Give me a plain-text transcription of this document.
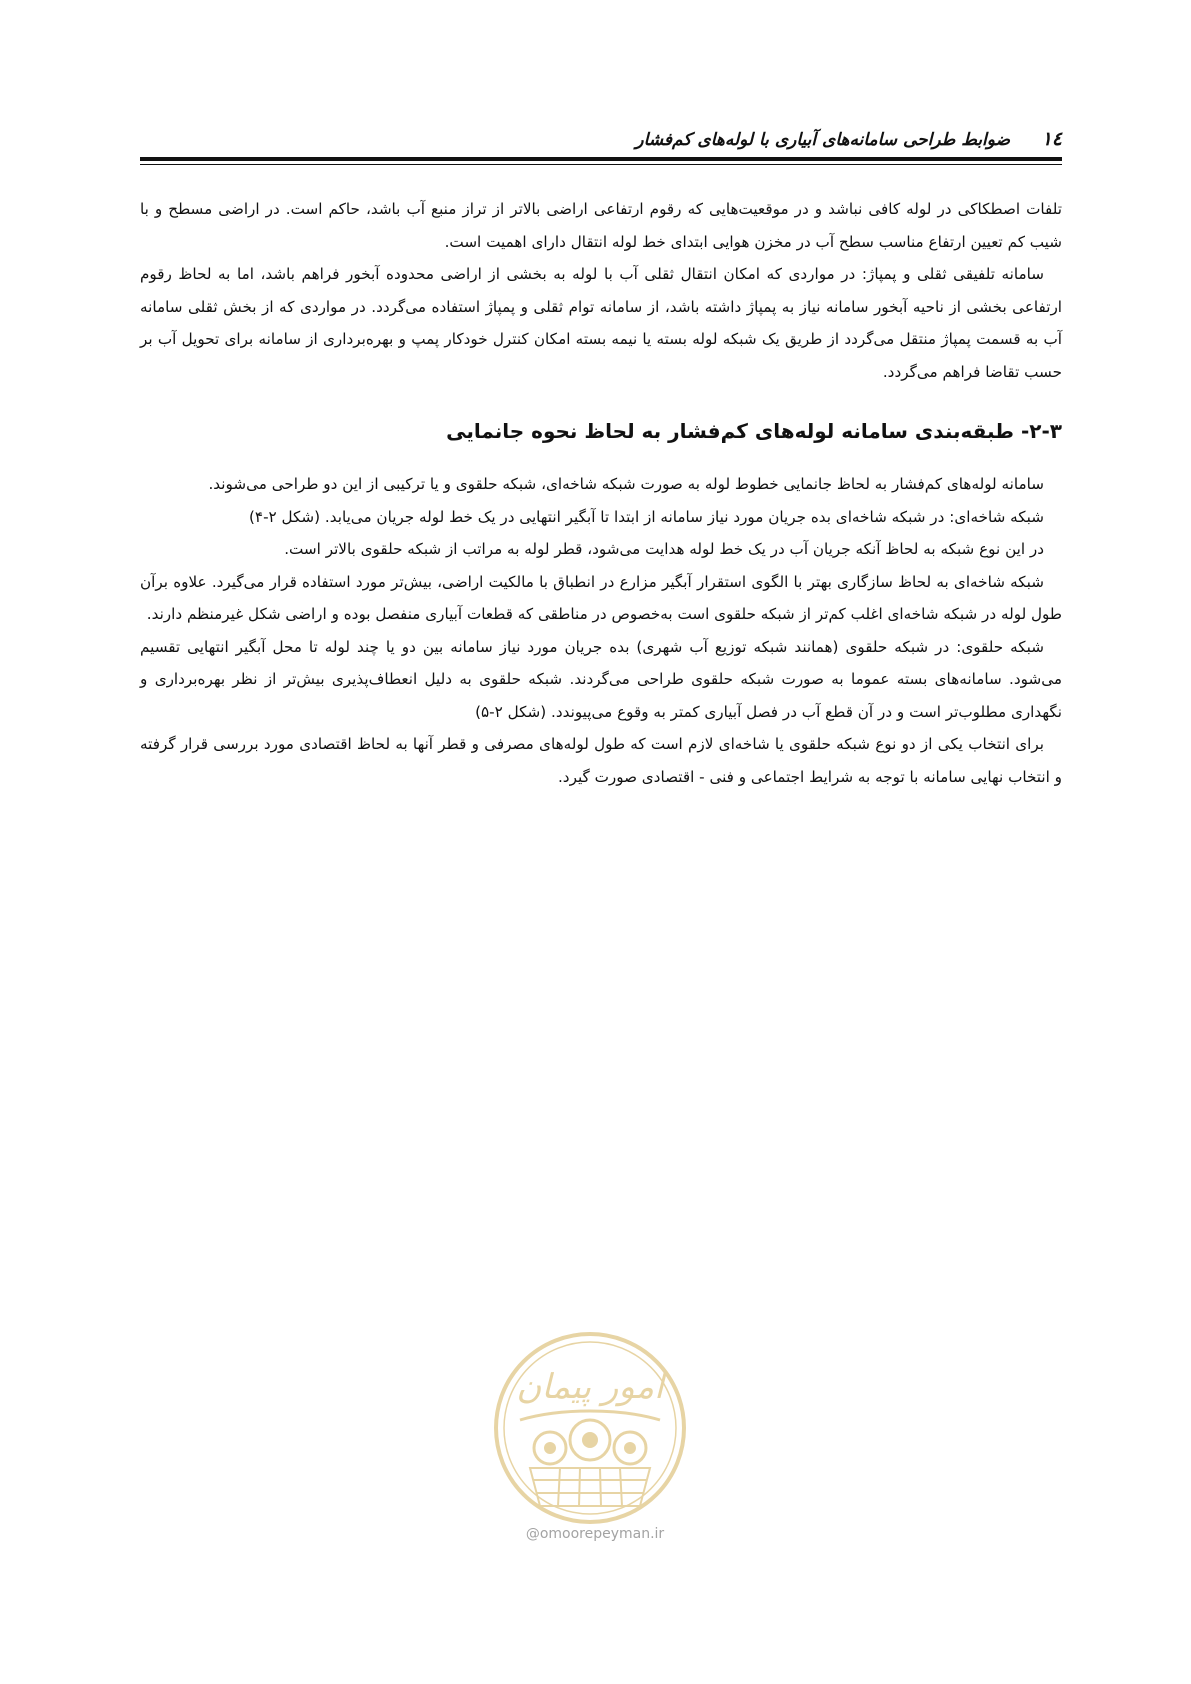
۱٤
ضوابط طراحی سامانه‌های آبیاری با لوله‌های کم‌فشار

تلفات اصطکاکی در لوله کافی نباشد و در موقعیت‌هایی که رقوم ارتفاعی اراضی بالاتر از تراز منبع آب باشد، حاکم است. در اراضی مسطح و با شیب کم تعیین ارتفاع مناسب سطح آب در مخزن هوایی ابتدای خط لوله انتقال دارای اهمیت است.

سامانه تلفیقی ثقلی و پمپاژ: در مواردی که امکان انتقال ثقلی آب با لوله به بخشی از اراضی محدوده آبخور فراهم باشد، اما به لحاظ رقوم ارتفاعی بخشی از ناحیه آبخور سامانه نیاز به پمپاژ داشته باشد، از سامانه توام ثقلی و پمپاژ استفاده می‌گردد. در مواردی که از بخش ثقلی سامانه آب به قسمت پمپاژ منتقل می‌گردد از طریق یک شبکه لوله بسته یا نیمه بسته امکان کنترل خودکار پمپ و بهره‌برداری از سامانه برای تحویل آب بر حسب تقاضا فراهم می‌گردد.

۲-۳- طبقه‌بندی سامانه لوله‌های کم‌فشار به لحاظ نحوه جانمایی

سامانه لوله‌های کم‌فشار به لحاظ جانمایی خطوط لوله به صورت شبکه شاخه‌ای، شبکه حلقوی و یا ترکیبی از این دو طراحی می‌شوند.

شبکه شاخه‌ای: در شبکه شاخه‌ای بده جریان مورد نیاز سامانه از ابتدا تا آبگیر انتهایی در یک خط لوله جریان می‌یابد. (شکل ۲-۴)

در این نوع شبکه به لحاظ آنکه جریان آب در یک خط لوله هدایت می‌شود، قطر لوله به مراتب از شبکه حلقوی بالاتر است.

شبکه شاخه‌ای به لحاظ سازگاری بهتر با الگوی استقرار آبگیر مزارع در انطباق با مالکیت اراضی، بیش‌تر مورد استفاده قرار می‌گیرد. علاوه برآن طول لوله در شبکه شاخه‌ای اغلب کم‌تر از شبکه حلقوی است به‌خصوص در مناطقی که قطعات آبیاری منفصل بوده و اراضی شکل غیرمنظم دارند.

شبکه حلقوی: در شبکه حلقوی (همانند شبکه توزیع آب شهری) بده جریان مورد نیاز سامانه بین دو یا چند لوله تا محل آبگیر انتهایی تقسیم می‌شود. سامانه‌های بسته عموما به صورت شبکه حلقوی طراحی می‌گردند. شبکه حلقوی به دلیل انعطاف‌پذیری بیش‌تر از نظر بهره‌برداری و نگهداری مطلوب‌تر است و در آن قطع آب در فصل آبیاری کمتر به وقوع می‌پیوندد. (شکل ۲-۵)

برای انتخاب یکی از دو نوع شبکه حلقوی یا شاخه‌ای لازم است که طول لوله‌های مصرفی و قطر آنها به لحاظ اقتصادی مورد بررسی قرار گرفته و انتخاب نهایی سامانه با توجه به شرایط اجتماعی و فنی - اقتصادی صورت گیرد.

امور پیمان
@omoorepeyman.ir
